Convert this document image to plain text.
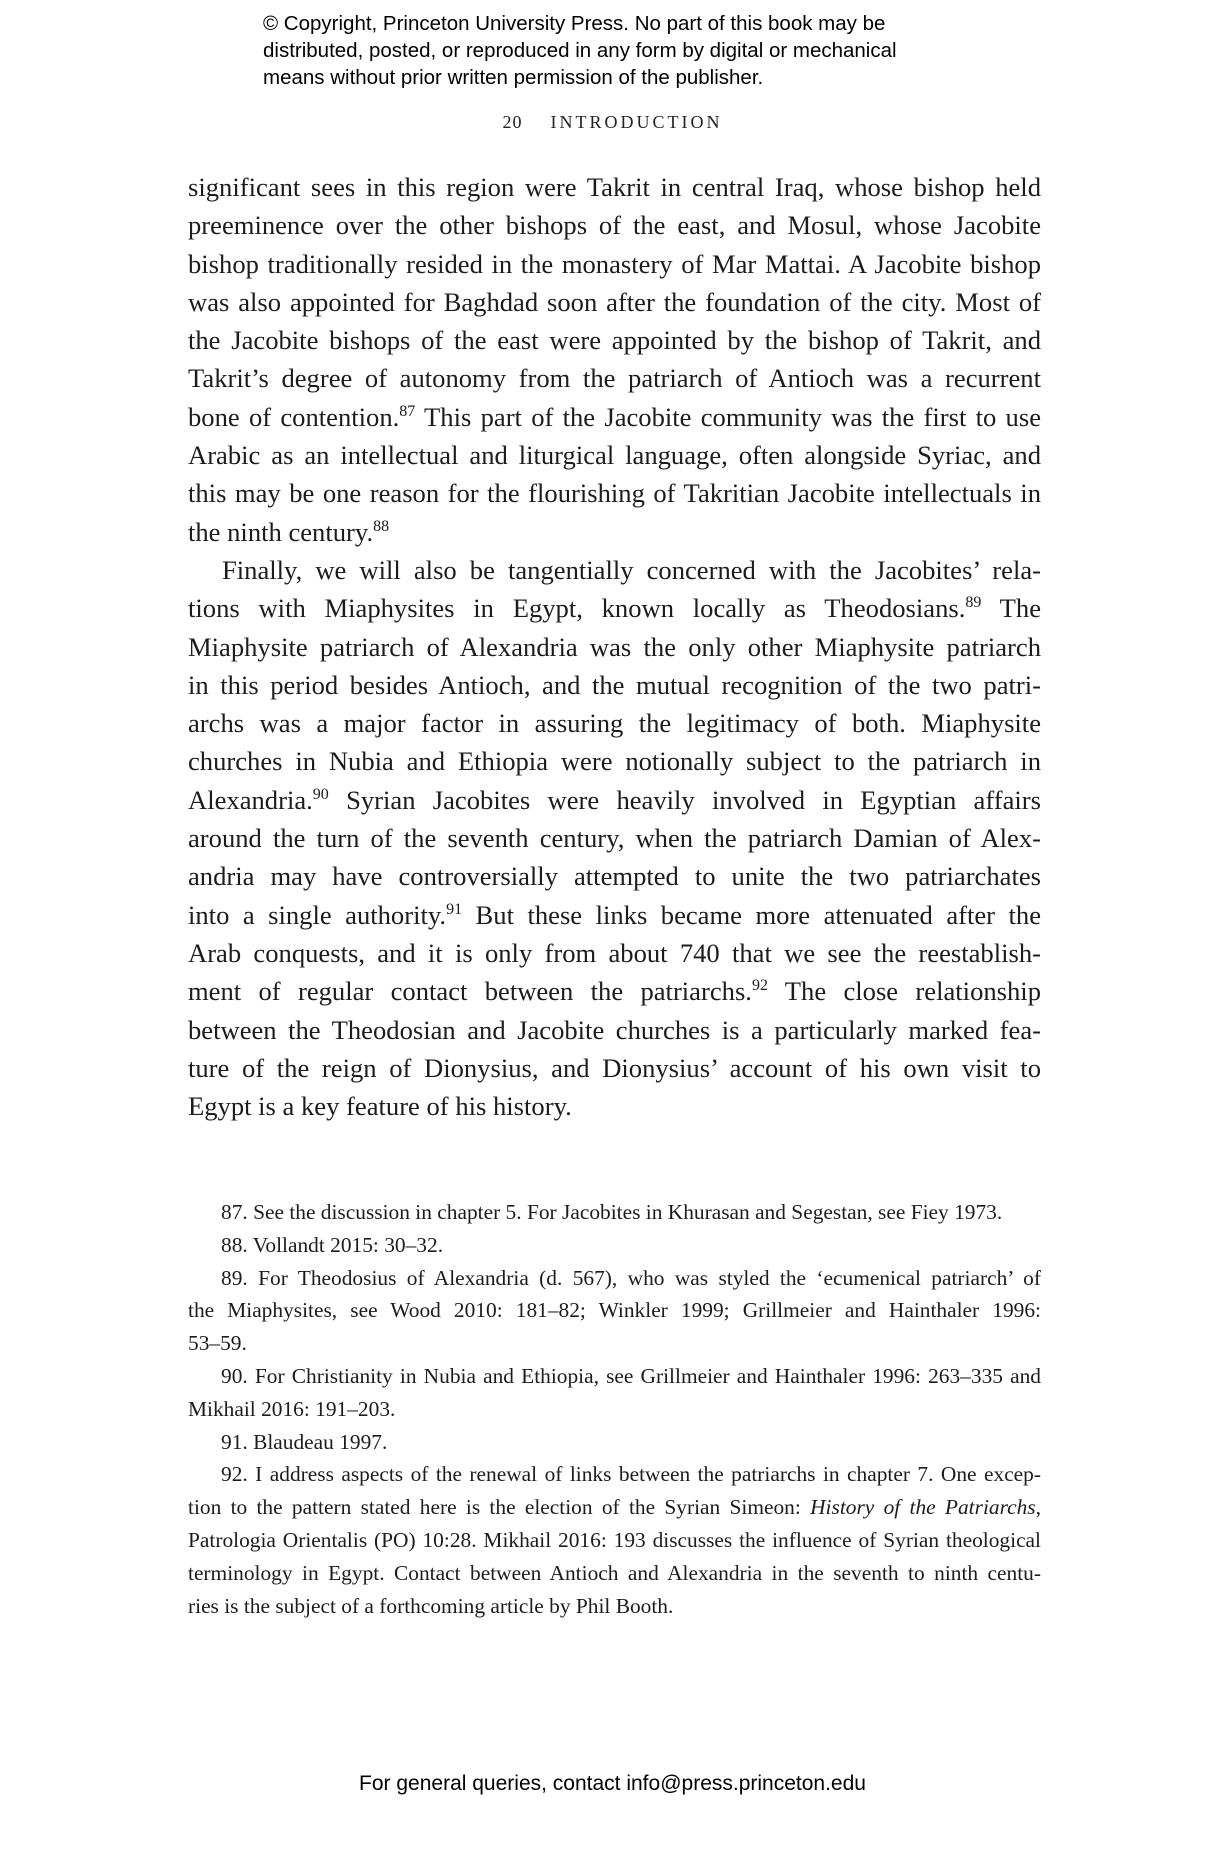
© Copyright, Princeton University Press. No part of this book may be
distributed, posted, or reproduced in any form by digital or mechanical
means without prior written permission of the publisher.
20 INTRODUCTION
significant sees in this region were Takrit in central Iraq, whose bishop held
preeminence over the other bishops of the east, and Mosul, whose Jacobite
bishop traditionally resided in the monastery of Mar Mattai. A Jacobite bishop
was also appointed for Baghdad soon after the foundation of the city. Most of
the Jacobite bishops of the east were appointed by the bishop of Takrit, and
Takrit’s degree of autonomy from the patriarch of Antioch was a recurrent
bone of contention.$^{87}$ This part of the Jacobite community was the first to use
Arabic as an intellectual and liturgical language, often alongside Syriac, and
this may be one reason for the flourishing of Takritian Jacobite intellectuals in
the ninth century.$^{88}$
Finally, we will also be tangentially concerned with the Jacobites’ rela-
tions with Miaphysites in Egypt, known locally as Theodosians.$^{89}$ The
Miaphysite patriarch of Alexandria was the only other Miaphysite patriarch
in this period besides Antioch, and the mutual recognition of the two patri-
archs was a major factor in assuring the legitimacy of both. Miaphysite
churches in Nubia and Ethiopia were notionally subject to the patriarch in
Alexandria.$^{90}$ Syrian Jacobites were heavily involved in Egyptian affairs
around the turn of the seventh century, when the patriarch Damian of Alex-
andria may have controversially attempted to unite the two patriarchates
into a single authority.$^{91}$ But these links became more attenuated after the
Arab conquests, and it is only from about 740 that we see the reestablish-
ment of regular contact between the patriarchs.$^{92}$ The close relationship
between the Theodosian and Jacobite churches is a particularly marked fea-
ture of the reign of Dionysius, and Dionysius’ account of his own visit to
Egypt is a key feature of his history.
87. See the discussion in chapter 5. For Jacobites in Khurasan and Segestan, see Fiey 1973.
88. Vollandt 2015: 30–32.
89. For Theodosius of Alexandria (d. 567), who was styled the ‘ecumenical patriarch’ of
the Miaphysites, see Wood 2010: 181–82; Winkler 1999; Grillmeier and Hainthaler 1996:
53–59.
90. For Christianity in Nubia and Ethiopia, see Grillmeier and Hainthaler 1996: 263–335 and
Mikhail 2016: 191–203.
91. Blaudeau 1997.
92. I address aspects of the renewal of links between the patriarchs in chapter 7. One excep-
tion to the pattern stated here is the election of the Syrian Simeon: History of the Patriarchs,
Patrologia Orientalis (PO) 10:28. Mikhail 2016: 193 discusses the influence of Syrian theological
terminology in Egypt. Contact between Antioch and Alexandria in the seventh to ninth centu-
ries is the subject of a forthcoming article by Phil Booth.
For general queries, contact info@press.princeton.edu
